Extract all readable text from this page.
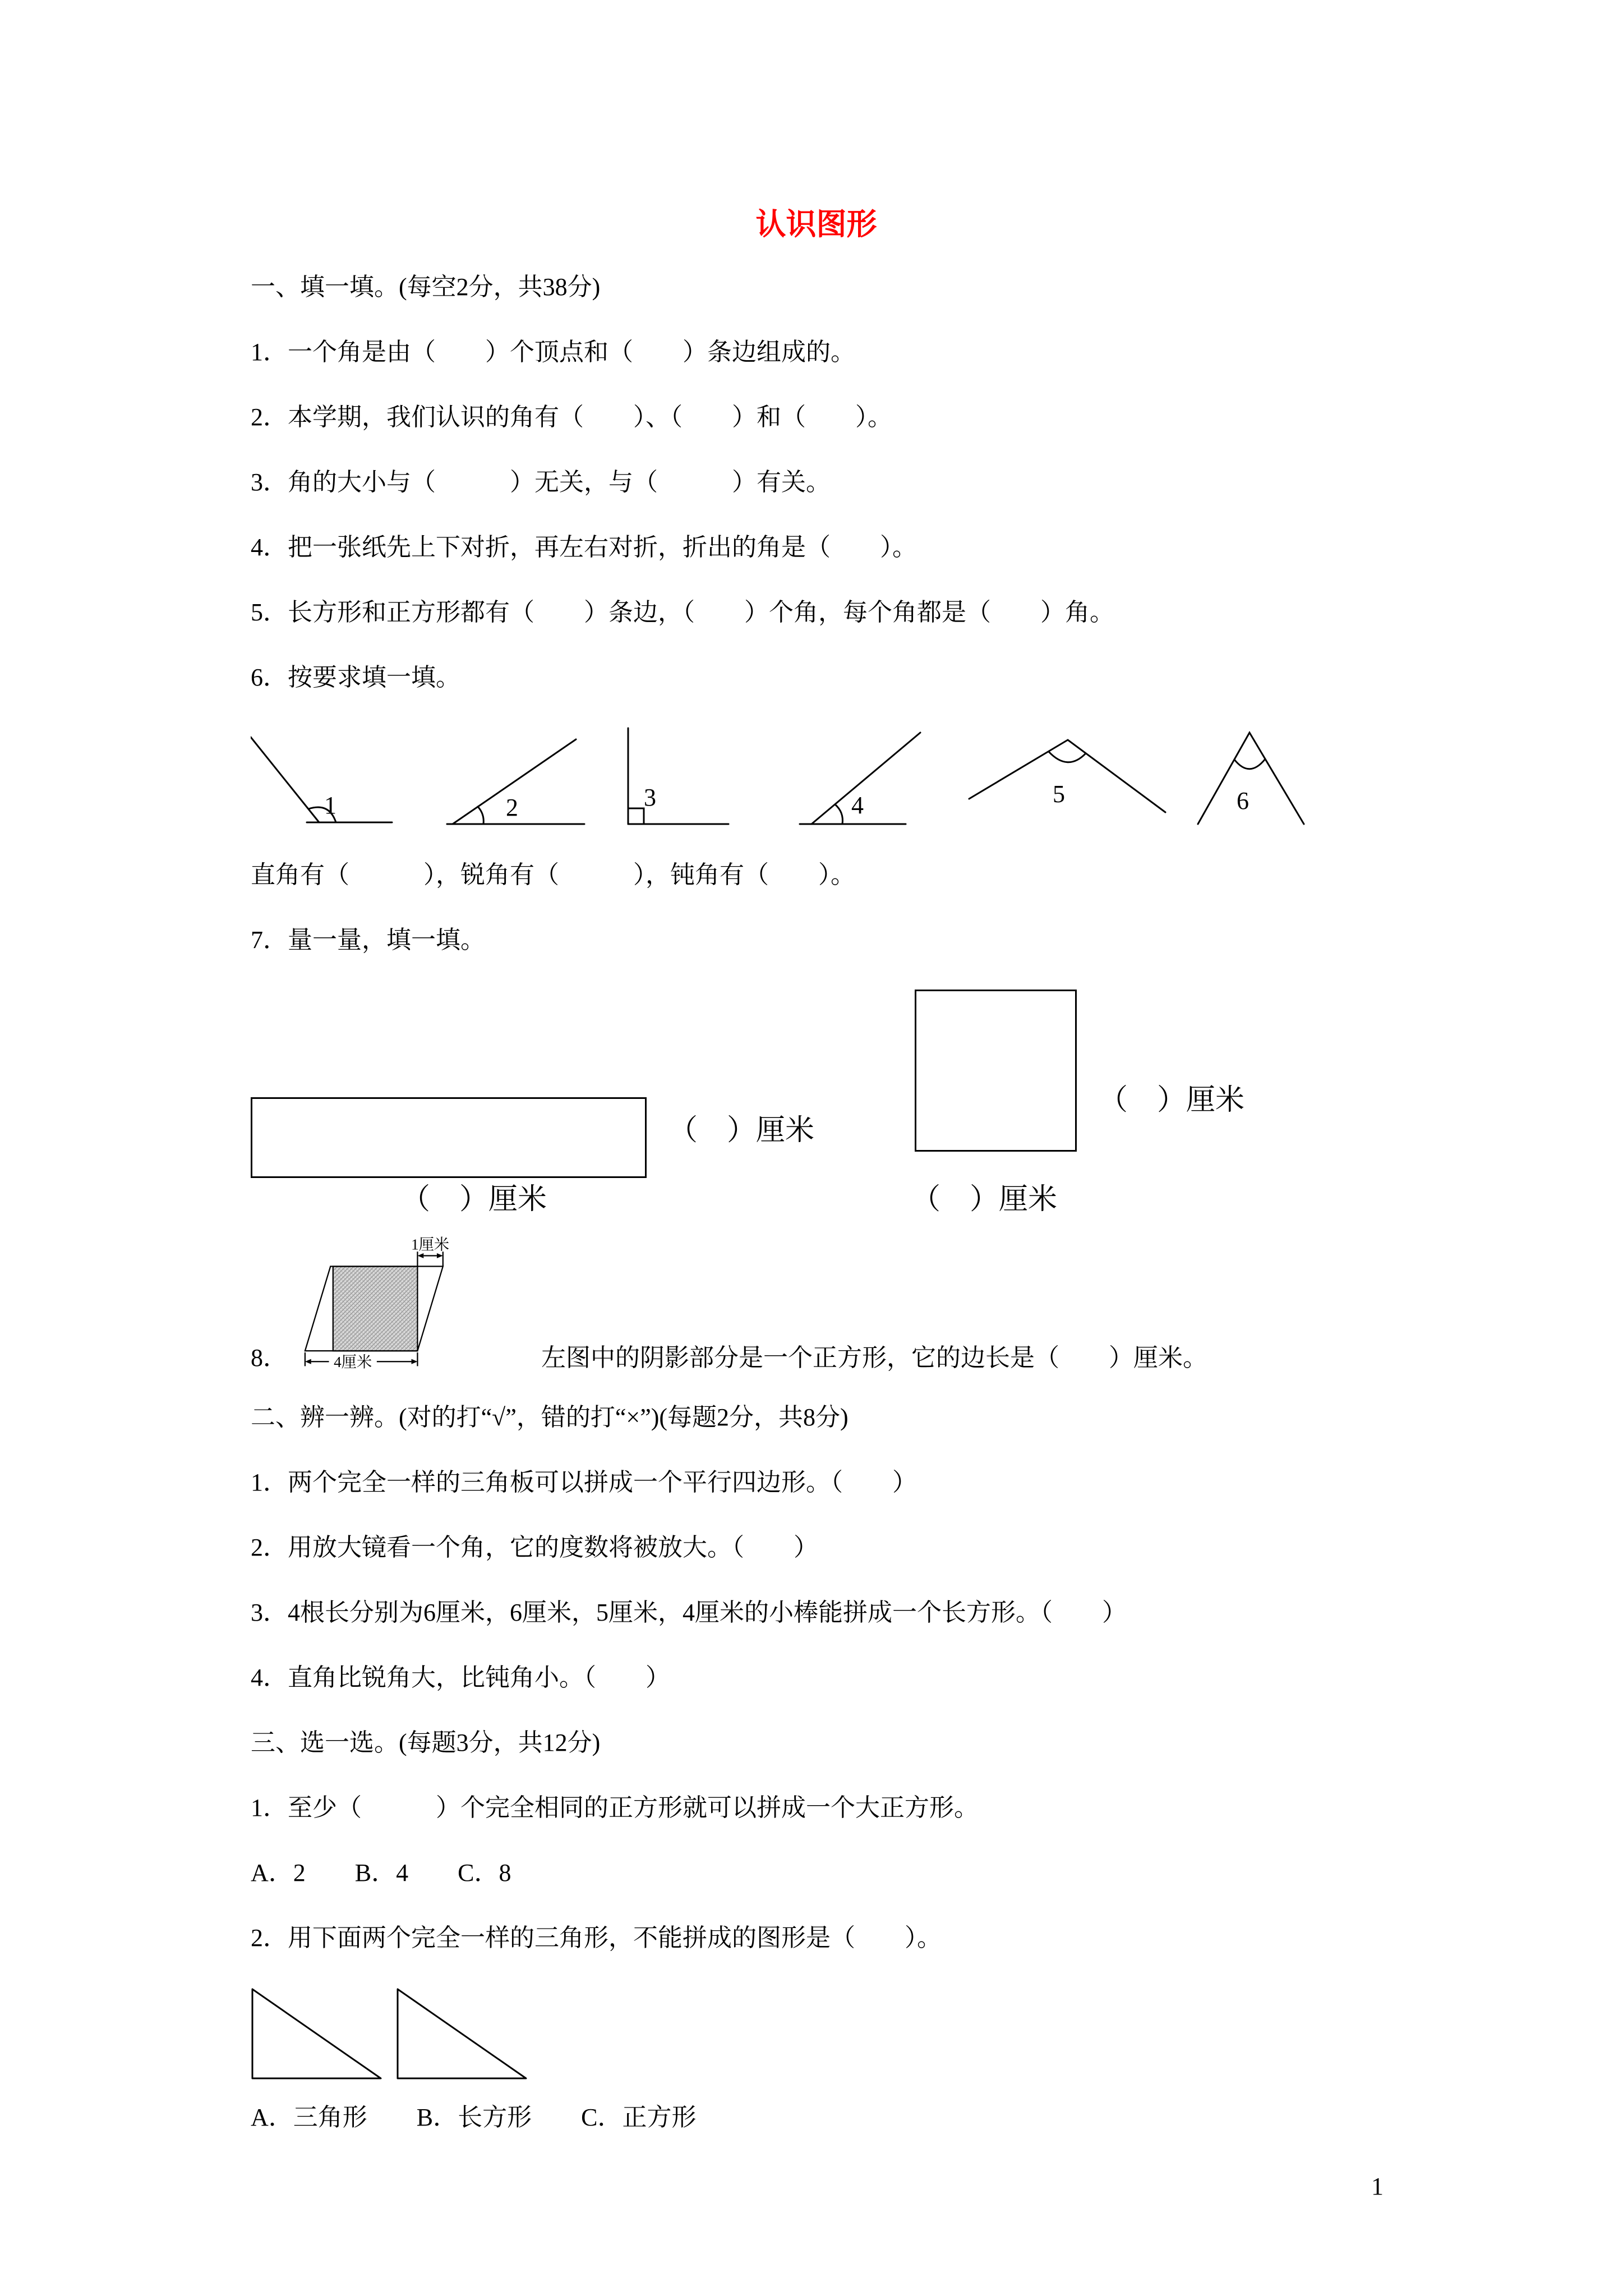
认识图形

一、填一填。(每空2分，共38分)

1．一个角是由（　　）个顶点和（　　）条边组成的。

2．本学期，我们认识的角有（　　）、（　　）和（　　）。

3．角的大小与（　　　）无关，与（　　　）有关。

4．把一张纸先上下对折，再左右对折，折出的角是（　　）。

5．长方形和正方形都有（　　）条边，（　　）个角，每个角都是（　　）角。

6．按要求填一填。

1	2	3	4	5	6

直角有（　　　），锐角有（　　　），钝角有（　　）。

7．量一量，填一填。

（　）厘米
（　）厘米
（　）厘米	（　）厘米
8．
1厘米
4厘米	左图中的阴影部分是一个正方形，它的边长是（　　）厘米。

二、辨一辨。(对的打“√”，错的打“×”)(每题2分，共8分)

1．两个完全一样的三角板可以拼成一个平行四边形。（　　）

2．用放大镜看一个角，它的度数将被放大。（　　）

3．4根长分别为6厘米，6厘米，5厘米，4厘米的小棒能拼成一个长方形。（　　）

4．直角比锐角大，比钝角小。（　　）

三、选一选。(每题3分，共12分)

1．至少（　　　）个完全相同的正方形就可以拼成一个大正方形。

A．2　　B．4　　C．8

2．用下面两个完全一样的三角形，不能拼成的图形是（　　）。

A．三角形　　B．长方形　　C．正方形

1
